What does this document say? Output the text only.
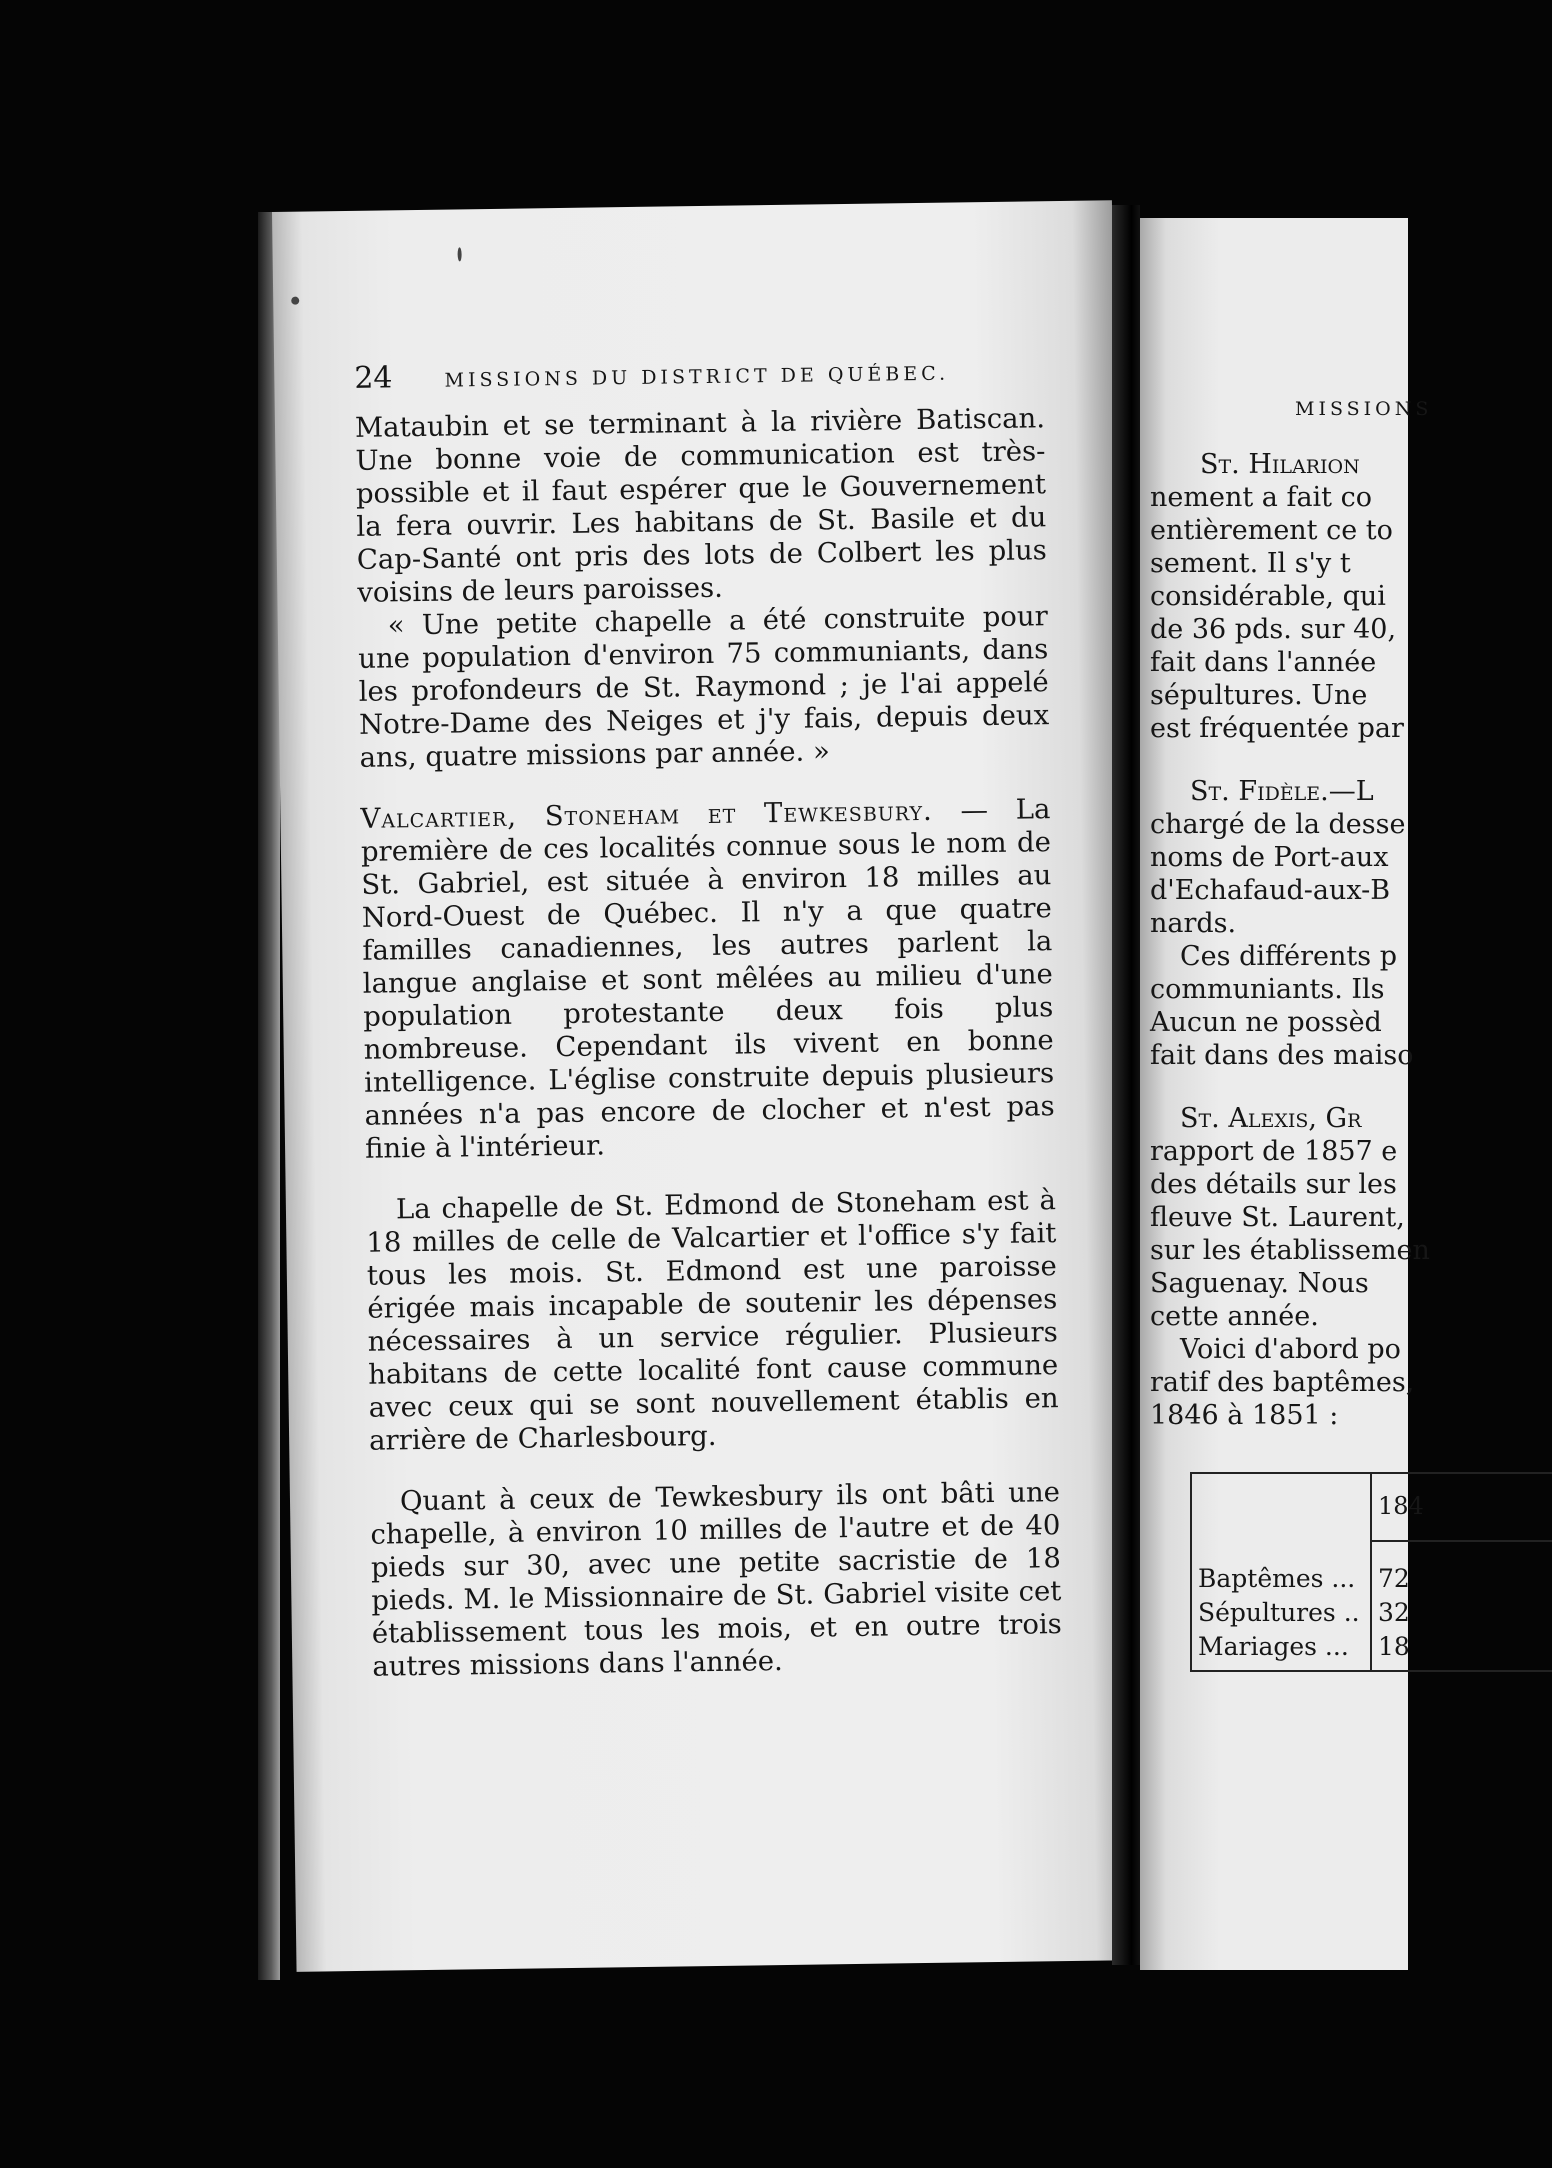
24	MISSIONS DU DISTRICT DE QUÉBEC.

Mataubin et se terminant à la rivière Batiscan. Une bonne voie de communication est très-possible et il faut espérer que le Gouvernement la fera ouvrir. Les habitans de St. Basile et du Cap-Santé ont pris des lots de Colbert les plus voisins de leurs paroisses.

« Une petite chapelle a été construite pour une population d'environ 75 communiants, dans les profondeurs de St. Raymond ; je l'ai appelé Notre-Dame des Neiges et j'y fais, depuis deux ans, quatre missions par année. »

Valcartier, Stoneham et Tewkesbury. — La première de ces localités connue sous le nom de St. Gabriel, est située à environ 18 milles au Nord-Ouest de Québec. Il n'y a que quatre familles canadiennes, les autres parlent la langue anglaise et sont mêlées au milieu d'une population protestante deux fois plus nombreuse. Cependant ils vivent en bonne intelligence. L'église construite depuis plusieurs années n'a pas encore de clocher et n'est pas finie à l'intérieur.

La chapelle de St. Edmond de Stoneham est à 18 milles de celle de Valcartier et l'office s'y fait tous les mois. St. Edmond est une paroisse érigée mais incapable de soutenir les dépenses nécessaires à un service régulier. Plusieurs habitans de cette localité font cause commune avec ceux qui se sont nouvellement établis en arrière de Charlesbourg.

Quant à ceux de Tewkesbury ils ont bâti une chapelle, à environ 10 milles de l'autre et de 40 pieds sur 30, avec une petite sacristie de 18 pieds. M. le Missionnaire de St. Gabriel visite cet établissement tous les mois, et en outre trois autres missions dans l'année.

MISSIONS
St. Hilarion
nement a fait co
entièrement ce to
sement. Il s'y t
considérable, qui
de 36 pds. sur 40,
fait dans l'année
sépultures. Une
est fréquentée par
St. Fidèle.—L
chargé de la desse
noms de Port-aux
d'Echafaud-aux-B
nards.
Ces différents p
communiants. Ils
Aucun ne possèd
fait dans des maiso
St. Alexis, Gr
rapport de 1857 e
des détails sur les
fleuve St. Laurent,
sur les établissemen
Saguenay. Nous
cette année.
Voici d'abord po
ratif des baptêmes,
1846 à 1851 :
184
Baptêmes ...
Sépultures ..
Mariages ...
72
32
18
